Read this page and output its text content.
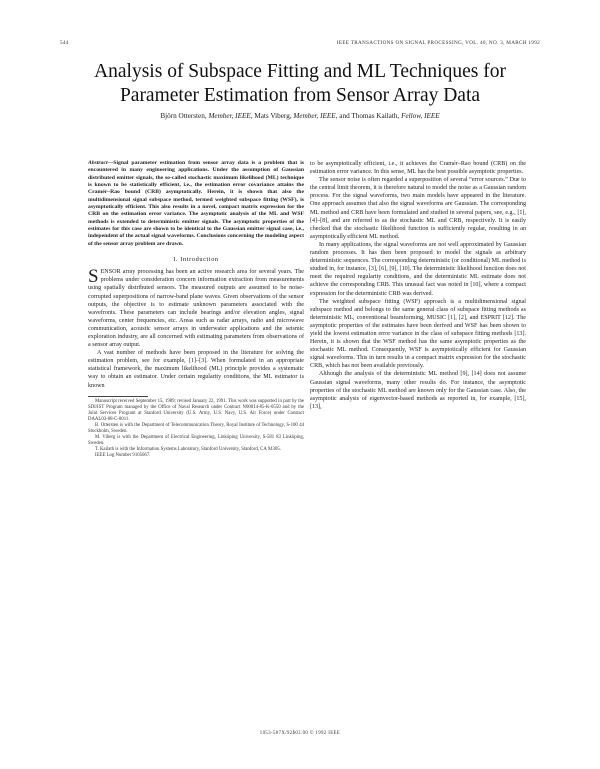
544	IEEE TRANSACTIONS ON SIGNAL PROCESSING, VOL. 40, NO. 3, MARCH 1992
Analysis of Subspace Fitting and ML Techniques for Parameter Estimation from Sensor Array Data
Björn Ottersten, Member, IEEE, Mats Viberg, Member, IEEE, and Thomas Kailath, Fellow, IEEE

Abstract—Signal parameter estimation from sensor array data is a problem that is encountered in many engineering applications. Under the assumption of Gaussian distributed emitter signals, the so-called stochastic maximum likelihood (ML) technique is known to be statistically efficient, i.e., the estimation error covariance attains the Cramér–Rao bound (CRB) asymptotically. Herein, it is shown that also the multidimensional signal subspace method, termed weighted subspace fitting (WSF), is asymptotically efficient. This also results in a novel, compact matrix expression for the CRB on the estimation error variance. The asymptotic analysis of the ML and WSF methods is extended to deterministic emitter signals. The asymptotic properties of the estimates for this case are shown to be identical to the Gaussian emitter signal case, i.e., independent of the actual signal waveforms. Conclusions concerning the modeling aspect of the sensor array problem are drawn.

I. Introduction

SENSOR array processing has been an active research area for several years. The problems under consideration concern information extraction from measurements using spatially distributed sensors. The measured outputs are assumed to be noise-corrupted superpositions of narrow-band plane waves. Given observations of the sensor outputs, the objective is to estimate unknown parameters associated with the wavefronts. These parameters can include bearings and/or elevation angles, signal waveforms, center frequencies, etc. Areas such as radar arrays, radio and microwave communication, acoustic sensor arrays in underwater applications and the seismic exploration industry, are all concerned with estimating parameters from observations of a sensor array output.

A vast number of methods have been proposed in the literature for solving the estimation problem, see for example, [1]–[3]. When formulated in an appropriate statistical framework, the maximum likelihood (ML) principle provides a systematic way to obtain an estimator. Under certain regularity conditions, the ML estimator is known

Manuscript received September 15, 1989; revised January 22, 1991. This work was supported in part by the SDI/IST Program managed by the Office of Naval Research under Contract N00014-85-K-0550 and by the Joint Services Program at Stanford University (U.S. Army, U.S. Navy, U.S. Air Force) under Contract DAAL03-88-C-0011.

B. Ottersten is with the Department of Telecommunication Theory, Royal Institute of Technology, S-100 44 Stockholm, Sweden.

M. Viberg is with the Department of Electrical Engineering, Linköping University, S-581 83 Linköping, Sweden.

T. Kailath is with the Information Systems Laboratory, Stanford University, Stanford, CA 94305.

IEEE Log Number 9105667.

to be asymptotically efficient, i.e., it achieves the Cramér–Rao bound (CRB) on the estimation error variance. In this sense, ML has the best possible asymptotic properties.

The sensor noise is often regarded a superposition of several “error sources.” Due to the central limit theorem, it is therefore natural to model the noise as a Gaussian random process. For the signal waveforms, two main models have appeared in the literature. One approach assumes that also the signal waveforms are Gaussian. The corresponding ML method and CRB have been formulated and studied in several papers, see, e.g., [1], [4]–[8], and are referred to as the stochastic ML and CRB, respectively. It is easily checked that the stochastic likelihood function is sufficiently regular, resulting in an asymptotically efficient ML method.

In many applications, the signal waveforms are not well approximated by Gaussian random processes. It has then been proposed to model the signals as arbitrary deterministic sequences. The corresponding deterministic (or conditional) ML method is studied in, for instance, [3], [6], [9], [10]. The deterministic likelihood function does not meet the required regularity conditions, and the deterministic ML estimate does not achieve the corresponding CRB. This unusual fact was noted in [10], where a compact expression for the deterministic CRB was derived.

The weighted subspace fitting (WSF) approach is a multidimensional signal subspace method and belongs to the same general class of subspace fitting methods as deterministic ML, conventional beamforming, MUSIC [1], [2], and ESPRIT [12]. The asymptotic properties of the estimates have been derived and WSF has been shown to yield the lowest estimation error variance in the class of subspace fitting methods [13]. Herein, it is shown that the WSF method has the same asymptotic properties as the stochastic ML method. Consequently, WSF is asymptotically efficient for Gaussian signal waveforms. This in turn results in a compact matrix expression for the stochastic CRB, which has not been available previously.

Although the analysis of the deterministic ML method [9], [14] does not assume Gaussian signal waveforms, many other results do. For instance, the asymptotic properties of the stochastic ML method are known only for the Gaussian case. Also, the asymptotic analysis of eigenvector-based methods as reported in, for example, [15], [13],

1053-587X/92$03.00 © 1992 IEEE
